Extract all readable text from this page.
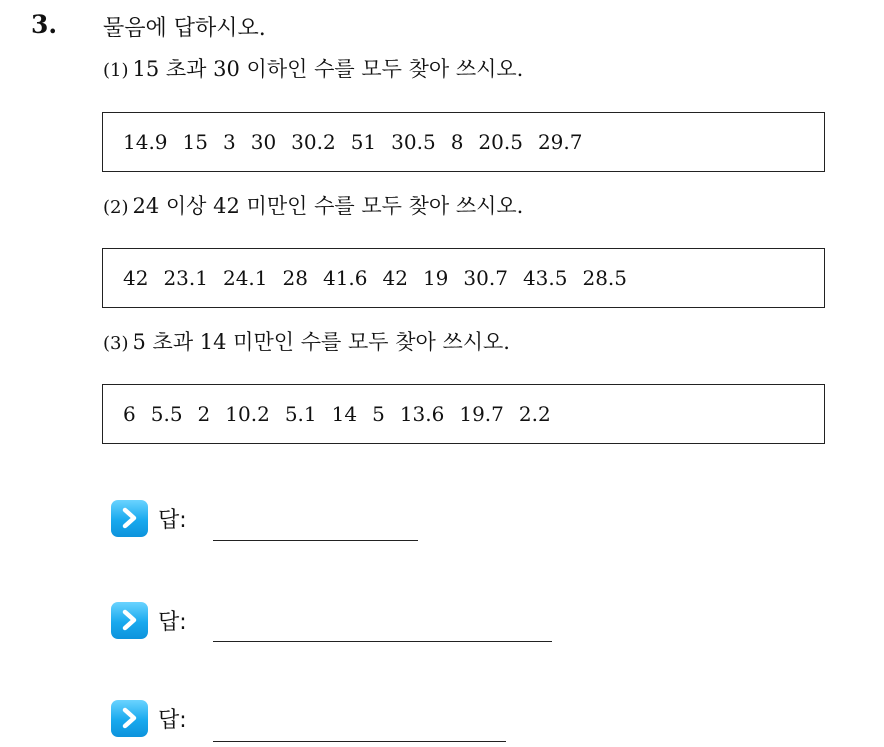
3. 물음에 답하시오.
(1) 15 초과 30 이하인 수를 모두 찾아 쓰시오.
14.9 15 3 30 30.2 51 30.5 8 20.5 29.7
(2) 24 이상 42 미만인 수를 모두 찾아 쓰시오.
42 23.1 24.1 28 41.6 42 19 30.7 43.5 28.5
(3) 5 초과 14 미만인 수를 모두 찾아 쓰시오.
6 5.5 2 10.2 5.1 14 5 13.6 19.7 2.2
답:
답:
답:
